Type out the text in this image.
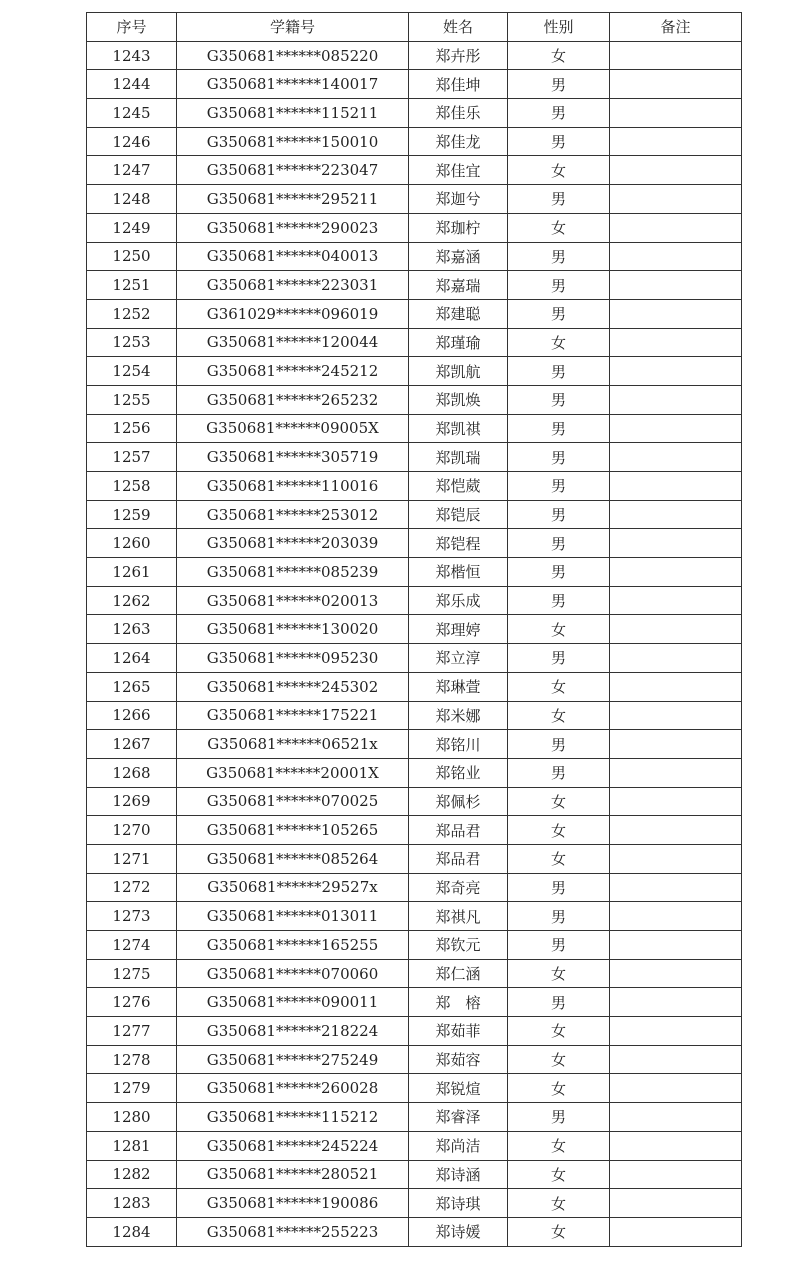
序号	学籍号	姓名	性别	备注
1243	G350681******085220	郑卉彤	女	
1244	G350681******140017	郑佳坤	男	
1245	G350681******115211	郑佳乐	男	
1246	G350681******150010	郑佳龙	男	
1247	G350681******223047	郑佳宜	女	
1248	G350681******295211	郑迦兮	男	
1249	G350681******290023	郑珈柠	女	
1250	G350681******040013	郑嘉涵	男	
1251	G350681******223031	郑嘉瑞	男	
1252	G361029******096019	郑建聪	男	
1253	G350681******120044	郑瑾瑜	女	
1254	G350681******245212	郑凯航	男	
1255	G350681******265232	郑凯焕	男	
1256	G350681******09005X	郑凯祺	男	
1257	G350681******305719	郑凯瑞	男	
1258	G350681******110016	郑恺葳	男	
1259	G350681******253012	郑铠辰	男	
1260	G350681******203039	郑铠程	男	
1261	G350681******085239	郑楷恒	男	
1262	G350681******020013	郑乐成	男	
1263	G350681******130020	郑理婷	女	
1264	G350681******095230	郑立淳	男	
1265	G350681******245302	郑琳萱	女	
1266	G350681******175221	郑米娜	女	
1267	G350681******06521x	郑铭川	男	
1268	G350681******20001X	郑铭业	男	
1269	G350681******070025	郑佩杉	女	
1270	G350681******105265	郑品君	女	
1271	G350681******085264	郑品君	女	
1272	G350681******29527x	郑奇亮	男	
1273	G350681******013011	郑祺凡	男	
1274	G350681******165255	郑钦元	男	
1275	G350681******070060	郑仁涵	女	
1276	G350681******090011	郑　榕	男	
1277	G350681******218224	郑茹菲	女	
1278	G350681******275249	郑茹容	女	
1279	G350681******260028	郑锐煊	女	
1280	G350681******115212	郑睿泽	男	
1281	G350681******245224	郑尚洁	女	
1282	G350681******280521	郑诗涵	女	
1283	G350681******190086	郑诗琪	女	
1284	G350681******255223	郑诗媛	女	
